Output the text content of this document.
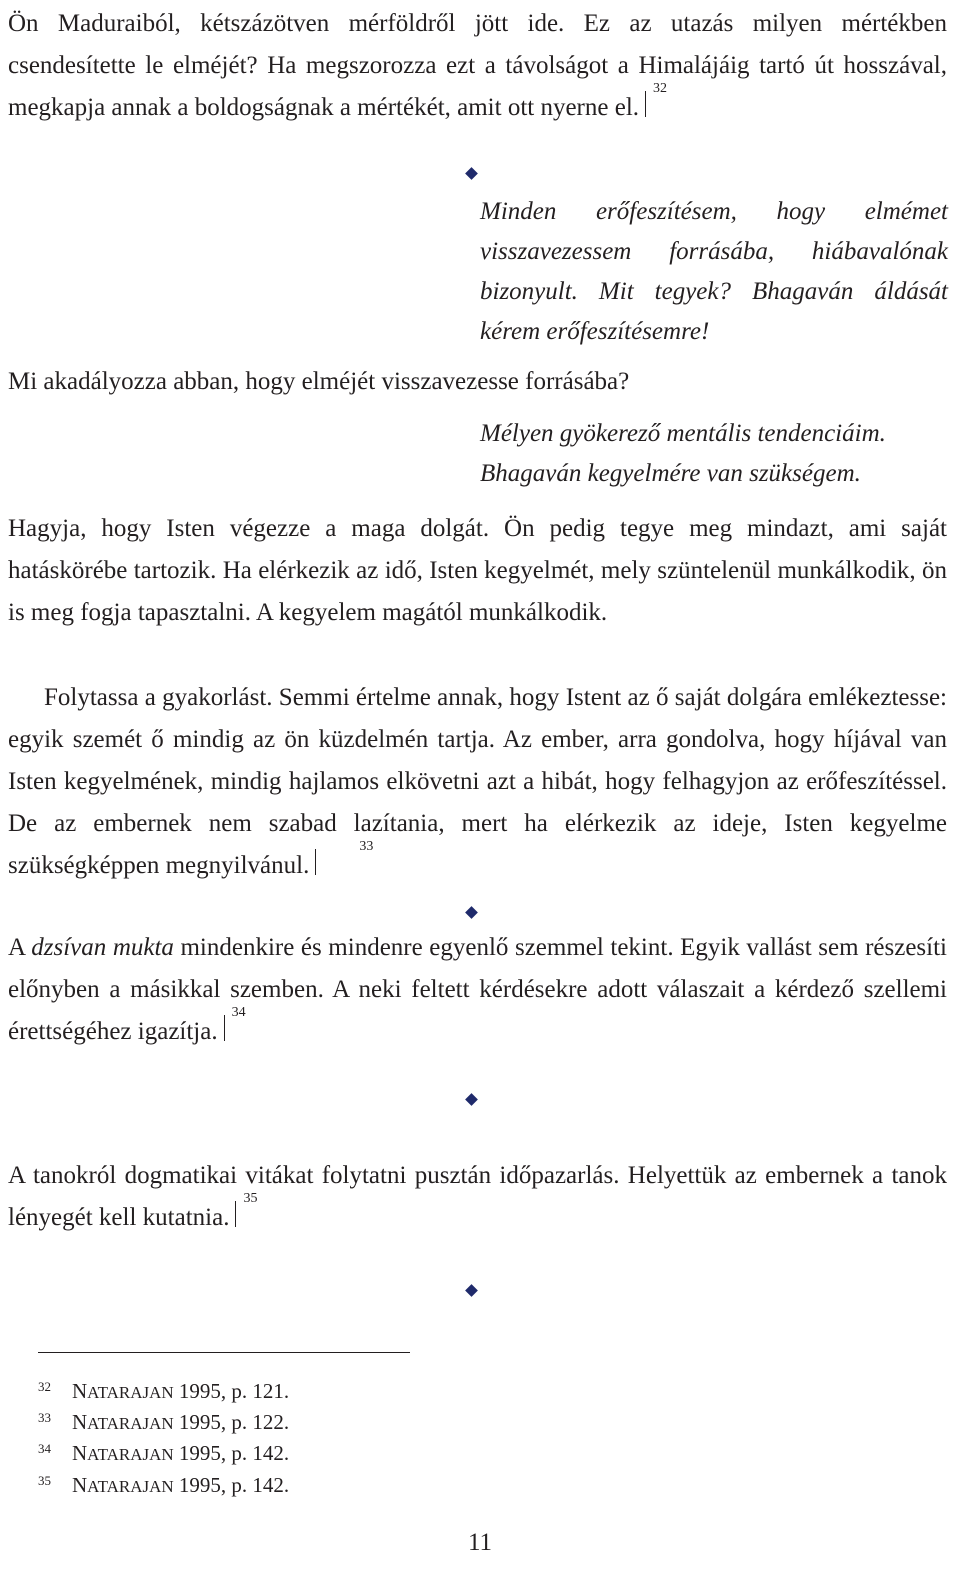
Ön Maduraiból, kétszázötven mérföldről jött ide. Ez az utazás milyen mértékben csendesítette le elméjét? Ha megszorozza ezt a távolságot a Himalájáig tartó út hosszával, megkapja annak a boldogságnak a mértékét, amit ott nyerne el.
32

Minden erőfeszítésem, hogy elmémet visszavezessem forrásába, hiábavalónak bizonyult. Mit tegyek? Bhagaván áldását kérem erőfeszítésemre!

Mi akadályozza abban, hogy elméjét visszavezesse forrásába?

Mélyen gyökerező mentális tendenciáim. Bhagaván kegyelmére van szükségem.

Hagyja, hogy Isten végezze a maga dolgát. Ön pedig tegye meg mindazt, ami saját hatáskörébe tartozik. Ha elérkezik az idő, Isten kegyelmét, mely szüntelenül munkálkodik, ön is meg fogja tapasztalni. A kegyelem magától munkálkodik.

Folytassa a gyakorlást. Semmi értelme annak, hogy Istent az ő saját dolgára emlékeztesse: egyik szemét ő mindig az ön küzdelmén tartja. Az ember, arra gondolva, hogy híjával van Isten kegyelmének, mindig hajlamos elkövetni azt a hibát, hogy felhagyjon az erőfeszítéssel. De az embernek nem szabad lazítania, mert ha elérkezik az ideje, Isten kegyelme szükségképpen megnyilvánul.
33

A dzsívan mukta mindenkire és mindenre egyenlő szemmel tekint. Egyik vallást sem részesíti előnyben a másikkal szemben. A neki feltett kérdésekre adott válaszait a kérdező szellemi érettségéhez igazítja.
34

A tanokról dogmatikai vitákat folytatni pusztán időpazarlás. Helyettük az embernek a tanok lényegét kell kutatnia.
35

32 NATARAJAN 1995, p. 121.
33 NATARAJAN 1995, p. 122.
34 NATARAJAN 1995, p. 142.
35 NATARAJAN 1995, p. 142.
11
